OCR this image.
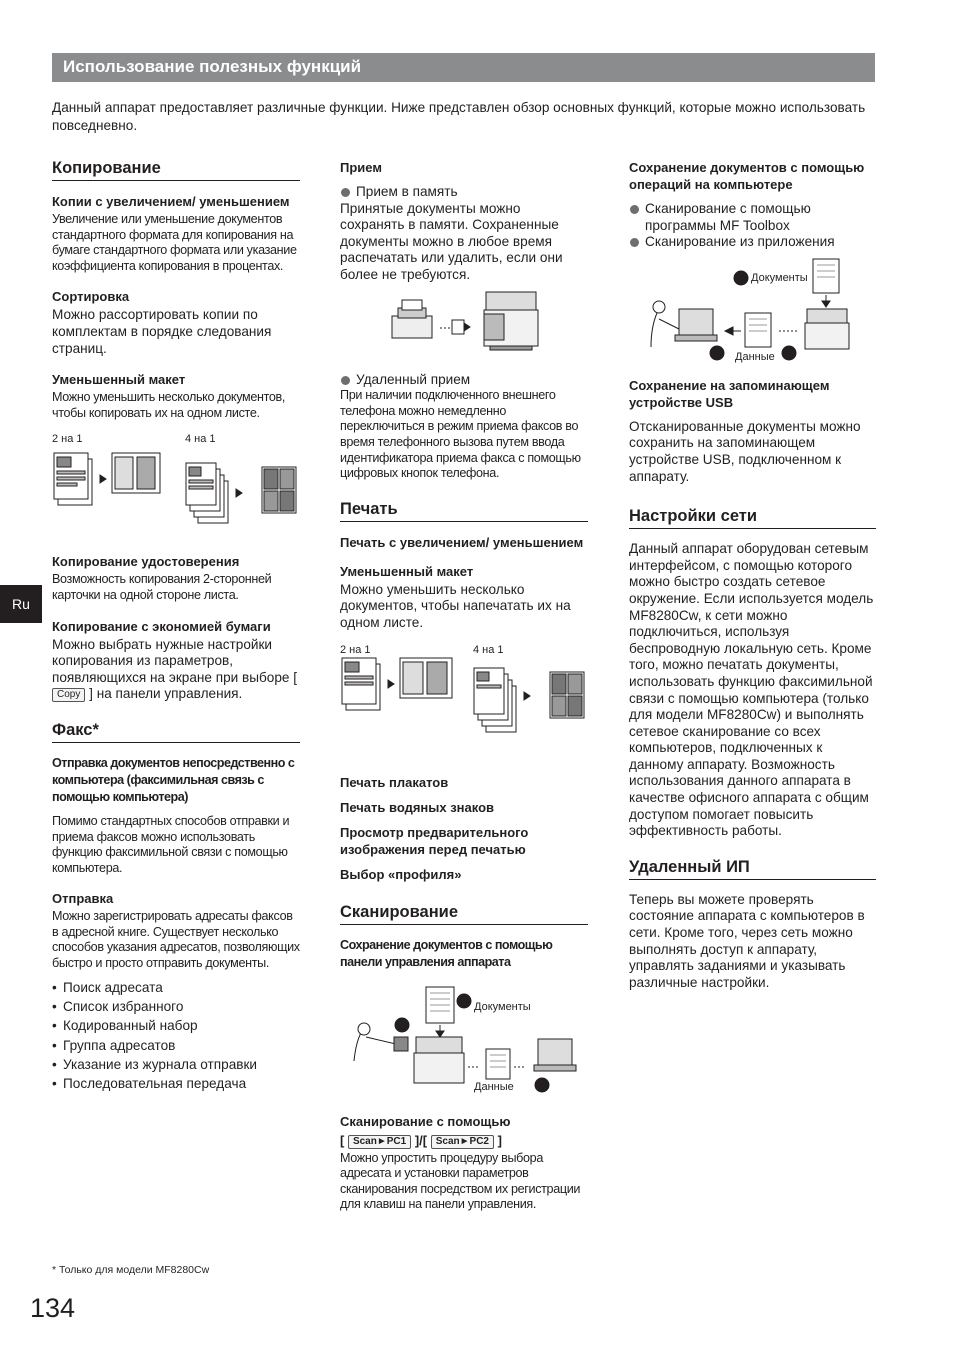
Использование полезных функций
Данный аппарат предоставляет различные функции. Ниже представлен обзор основных функций, которые можно использовать повседневно.
Ru
Копирование
Копии с увеличением/ уменьшением
Увеличение или уменьшение документов стандартного формата для копирования на бумаге стандартного формата или указание коэффициента копирования в процентах.
Сортировка
Можно рассортировать копии по комплектам в порядке следования страниц.
Уменьшенный макет
Можно уменьшить несколько документов, чтобы копировать их на одном листе.
2 на 1	4 на 1
Копирование удостоверения
Возможность копирования 2-сторонней карточки на одной стороне листа.
Копирование с экономией бумаги
Можно выбрать нужные настройки копирования из параметров, появляющихся на экране при выборе [ Copy ] на панели управления.
Факс*
Отправка документов непосредственно с компьютера (факсимильная связь с помощью компьютера)
Помимо стандартных способов отправки и приема факсов можно использовать функцию факсимильной связи с помощью компьютера.
Отправка
Можно зарегистрировать адресаты факсов в адресной книге. Существует несколько способов указания адресатов, позволяющих быстро и просто отправить документы.
• Поиск адресата
• Список избранного
• Кодированный набор
• Группа адресатов
• Указание из журнала отправки
• Последовательная передача
Прием
Прием в память
Принятые документы можно сохранять в памяти. Сохраненные документы можно в любое время распечатать или удалить, если они более не требуются.
Удаленный прием
При наличии подключенного внешнего телефона можно немедленно переключиться в режим приема факсов во время телефонного вызова путем ввода идентификатора приема факса с помощью цифровых кнопок телефона.
Печать
Печать с увеличением/ уменьшением
Уменьшенный макет
Можно уменьшить несколько документов, чтобы напечатать их на одном листе.
2 на 1	4 на 1
Печать плакатов
Печать водяных знаков
Просмотр предварительного изображения перед печатью
Выбор «профиля»
Сканирование
Сохранение документов с помощью панели управления аппарата
Документы
Данные
Сканирование с помощью
[ Scan►PC1 ]/[ Scan►PC2 ]
Можно упростить процедуру выбора адресата и установки параметров сканирования посредством их регистрации для клавиш на панели управления.
Сохранение документов с помощью операций на компьютере
Сканирование с помощью программы MF Toolbox
Сканирование из приложения
Документы
Данные
Сохранение на запоминающем устройстве USB
Отсканированные документы можно сохранить на запоминающем устройстве USB, подключенном к аппарату.
Настройки сети
Данный аппарат оборудован сетевым интерфейсом, с помощью которого можно быстро создать сетевое окружение. Если используется модель MF8280Cw, к сети можно подключиться, используя беспроводную локальную сеть. Кроме того, можно печатать документы, использовать функцию факсимильной связи с помощью компьютера (только для модели MF8280Cw) и выполнять сетевое сканирование со всех компьютеров, подключенных к данному аппарату. Возможность использования данного аппарата в качестве офисного аппарата с общим доступом помогает повысить эффективность работы.
Удаленный ИП
Теперь вы можете проверять состояние аппарата с компьютеров в сети. Кроме того, через сеть можно выполнять доступ к аппарату, управлять заданиями и указывать различные настройки.
* Только для модели MF8280Cw
134
